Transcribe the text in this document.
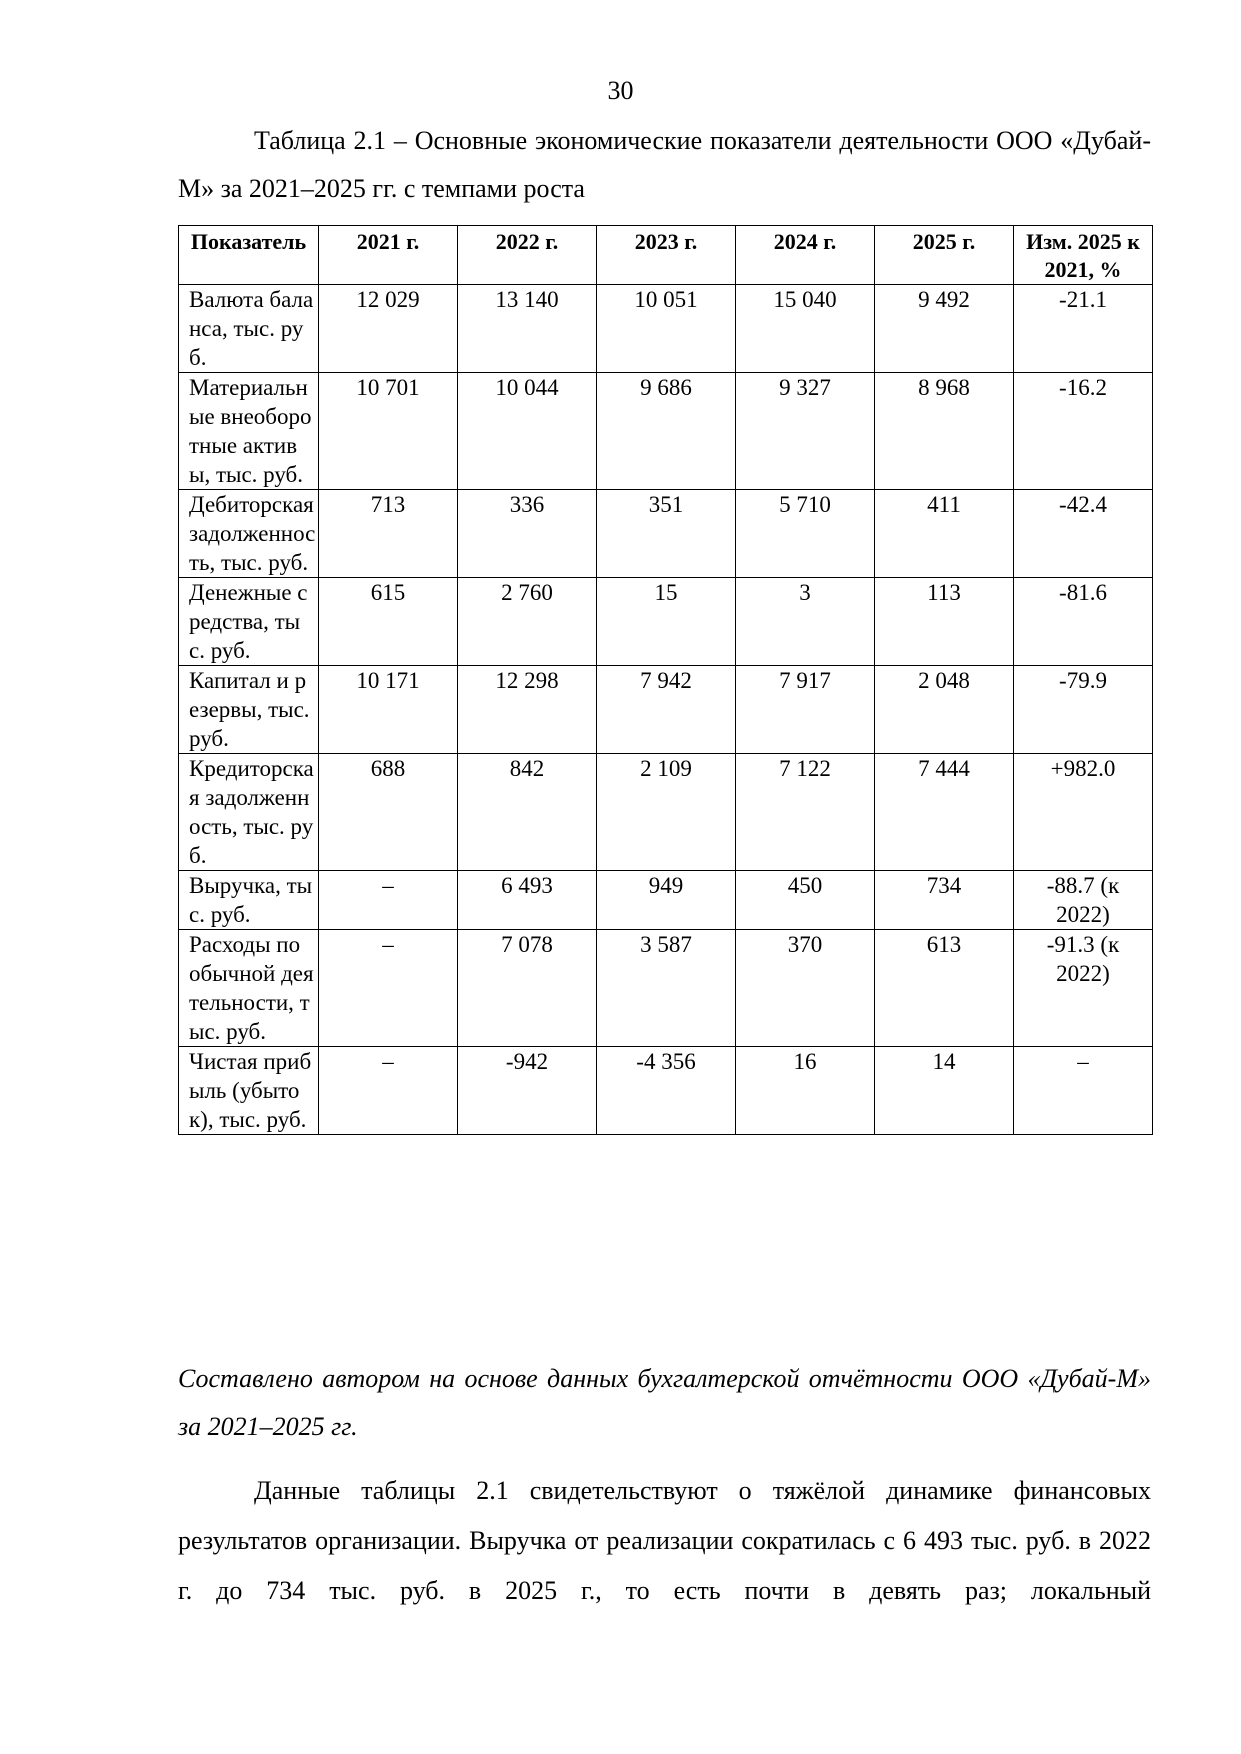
30
Таблица 2.1 – Основные экономические показатели деятельности ООО «Дубай-М» за 2021–2025 гг. с темпами роста
Показатель	2021 г.	2022 г.	2023 г.	2024 г.	2025 г.	Изм. 2025 к 2021, %
Валюта баланса, тыс. руб.	12 029	13 140	10 051	15 040	9 492	-21.1
Материальные внеоборотные активы, тыс. руб.	10 701	10 044	9 686	9 327	8 968	-16.2
Дебиторская задолженность, тыс. руб.	713	336	351	5 710	411	-42.4
Денежные средства, тыс. руб.	615	2 760	15	3	113	-81.6
Капитал и резервы, тыс. руб.	10 171	12 298	7 942	7 917	2 048	-79.9
Кредиторская задолженность, тыс. руб.	688	842	2 109	7 122	7 444	+982.0
Выручка, тыс. руб.	–	6 493	949	450	734	-88.7 (к 2022)
Расходы по обычной деятельности, тыс. руб.	–	7 078	3 587	370	613	-91.3 (к 2022)
Чистая прибыль (убыток), тыс. руб.	–	-942	-4 356	16	14	–
Составлено автором на основе данных бухгалтерской отчётности ООО «Дубай-М» за 2021–2025 гг.
Данные таблицы 2.1 свидетельствуют о тяжёлой динамике финансовых результатов организации. Выручка от реализации сократилась с 6 493 тыс. руб. в 2022 г. до 734 тыс. руб. в 2025 г., то есть почти в девять раз; локальный
